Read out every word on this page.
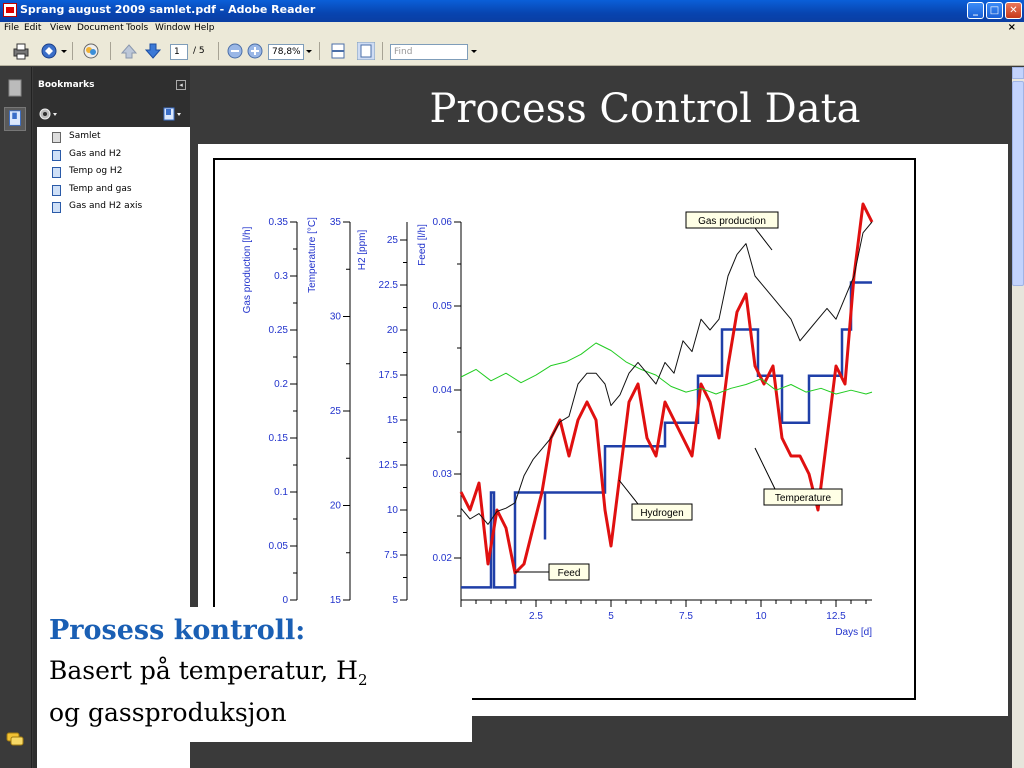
Sprang august 2009 samlet.pdf - Adobe Reader	_	□	✕
File Edit View Document Tools Window Help	×
1	/ 5	78,8%	Find
Bookmarks	◂
Samlet
Gas and H2
Temp og H2
Temp and gas
Gas and H2 axis
Process Control Data
0
0.05
0.1
0.15
0.2
0.25
0.3
0.35
Gas production [l/h]
15
20
25
30
35
Temperature [°C]
5
7.5
10
12.5
15
17.5
20
22.5
25
H2 [ppm]
0.02
0.03
0.04
0.05
0.06
Feed [l/h]
2.5	5	7.5	10	12.5
Days [d]
Gas production
Hydrogen
Temperature
Feed
Prosess kontroll:
Basert på temperatur, $H_2$
og gassproduksjon
